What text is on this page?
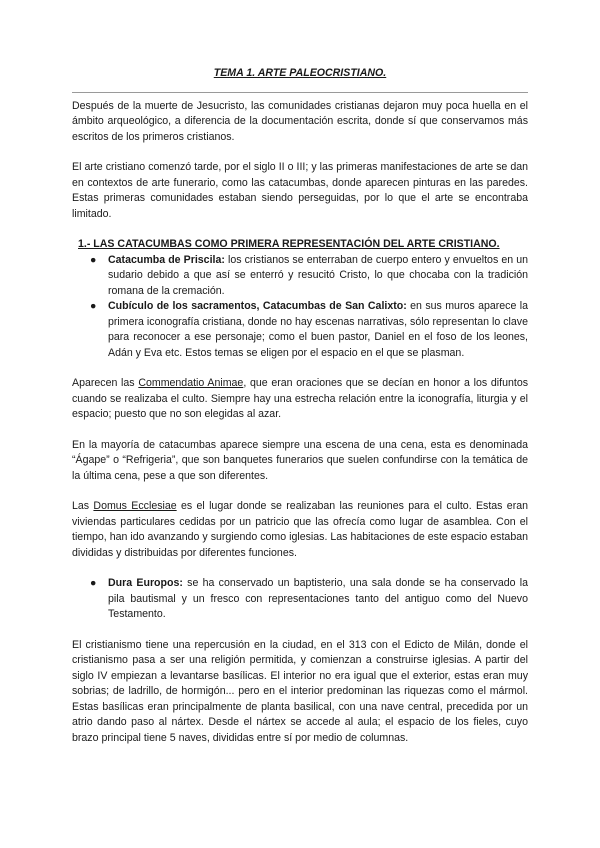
TEMA 1. ARTE PALEOCRISTIANO.

Después de la muerte de Jesucristo, las comunidades cristianas dejaron muy poca huella en el ámbito arqueológico, a diferencia de la documentación escrita, donde sí que conservamos más escritos de los primeros cristianos.

El arte cristiano comenzó tarde, por el siglo II o III; y las primeras manifestaciones de arte se dan en contextos de arte funerario, como las catacumbas, donde aparecen pinturas en las paredes. Estas primeras comunidades estaban siendo perseguidas, por lo que el arte se encontraba limitado.

1.- LAS CATACUMBAS COMO PRIMERA REPRESENTACIÓN DEL ARTE CRISTIANO.
● Catacumba de Priscila: los cristianos se enterraban de cuerpo entero y envueltos en un sudario debido a que así se enterró y resucitó Cristo, lo que chocaba con la tradición romana de la cremación.
● Cubículo de los sacramentos, Catacumbas de San Calixto: en sus muros aparece la primera iconografía cristiana, donde no hay escenas narrativas, sólo representan lo clave para reconocer a ese personaje; como el buen pastor, Daniel en el foso de los leones, Adán y Eva etc. Estos temas se eligen por el espacio en el que se plasman.

Aparecen las Commendatio Animae, que eran oraciones que se decían en honor a los difuntos cuando se realizaba el culto. Siempre hay una estrecha relación entre la iconografía, liturgia y el espacio; puesto que no son elegidas al azar.

En la mayoría de catacumbas aparece siempre una escena de una cena, esta es denominada “Ágape” o “Refrigeria”, que son banquetes funerarios que suelen confundirse con la temática de la última cena, pese a que son diferentes.

Las Domus Ecclesiae es el lugar donde se realizaban las reuniones para el culto. Estas eran viviendas particulares cedidas por un patricio que las ofrecía como lugar de asamblea. Con el tiempo, han ido avanzando y surgiendo como iglesias. Las habitaciones de este espacio estaban divididas y distribuidas por diferentes funciones.

● Dura Europos: se ha conservado un baptisterio, una sala donde se ha conservado la pila bautismal y un fresco con representaciones tanto del antiguo como del Nuevo Testamento.

El cristianismo tiene una repercusión en la ciudad, en el 313 con el Edicto de Milán, donde el cristianismo pasa a ser una religión permitida, y comienzan a construirse iglesias. A partir del siglo IV empiezan a levantarse basílicas. El interior no era igual que el exterior, estas eran muy sobrias; de ladrillo, de hormigón... pero en el interior predominan las riquezas como el mármol. Estas basílicas eran principalmente de planta basilical, con una nave central, precedida por un atrio dando paso al nártex. Desde el nártex se accede al aula; el espacio de los fieles, cuyo brazo principal tiene 5 naves, divididas entre sí por medio de columnas.
